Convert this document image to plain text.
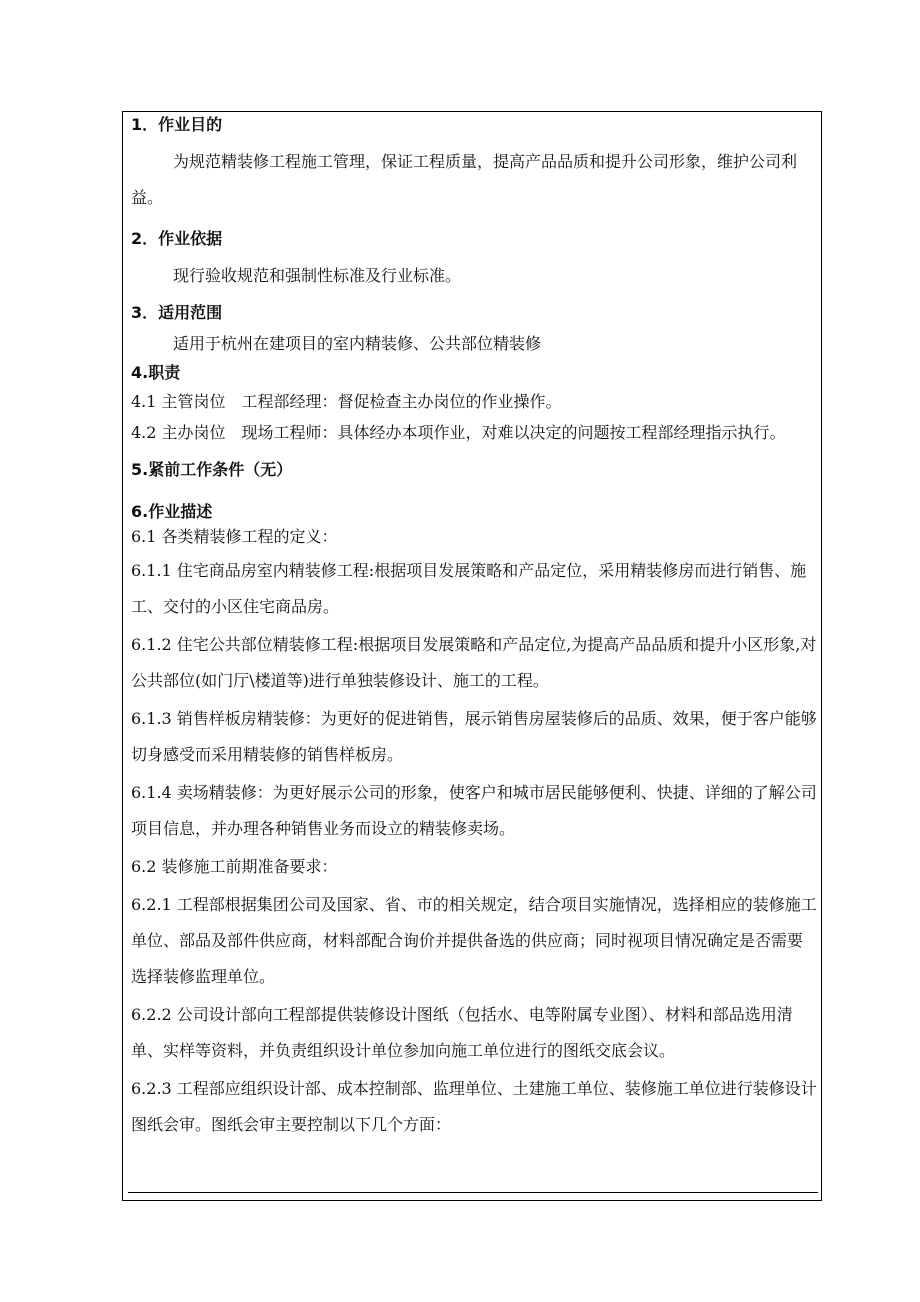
1．作业目的
为规范精装修工程施工管理，保证工程质量，提高产品品质和提升公司形象，维护公司利益。
2．作业依据
现行验收规范和强制性标准及行业标准。
3．适用范围
适用于杭州在建项目的室内精装修、公共部位精装修
4.职责
4.1 主管岗位　工程部经理：督促检查主办岗位的作业操作。
4.2 主办岗位　现场工程师：具体经办本项作业，对难以决定的问题按工程部经理指示执行。
5.紧前工作条件（无）
6.作业描述
6.1 各类精装修工程的定义：
6.1.1 住宅商品房室内精装修工程:根据项目发展策略和产品定位，采用精装修房而进行销售、施工、交付的小区住宅商品房。
6.1.2 住宅公共部位精装修工程:根据项目发展策略和产品定位,为提高产品品质和提升小区形象,对公共部位(如门厅\楼道等)进行单独装修设计、施工的工程。
6.1.3 销售样板房精装修：为更好的促进销售，展示销售房屋装修后的品质、效果，便于客户能够切身感受而采用精装修的销售样板房。
6.1.4 卖场精装修：为更好展示公司的形象，使客户和城市居民能够便利、快捷、详细的了解公司项目信息，并办理各种销售业务而设立的精装修卖场。
6.2 装修施工前期准备要求：
6.2.1 工程部根据集团公司及国家、省、市的相关规定，结合项目实施情况，选择相应的装修施工单位、部品及部件供应商，材料部配合询价并提供备选的供应商；同时视项目情况确定是否需要选择装修监理单位。
6.2.2 公司设计部向工程部提供装修设计图纸（包括水、电等附属专业图）、材料和部品选用清单、实样等资料，并负责组织设计单位参加向施工单位进行的图纸交底会议。
6.2.3 工程部应组织设计部、成本控制部、监理单位、土建施工单位、装修施工单位进行装修设计图纸会审。图纸会审主要控制以下几个方面：
